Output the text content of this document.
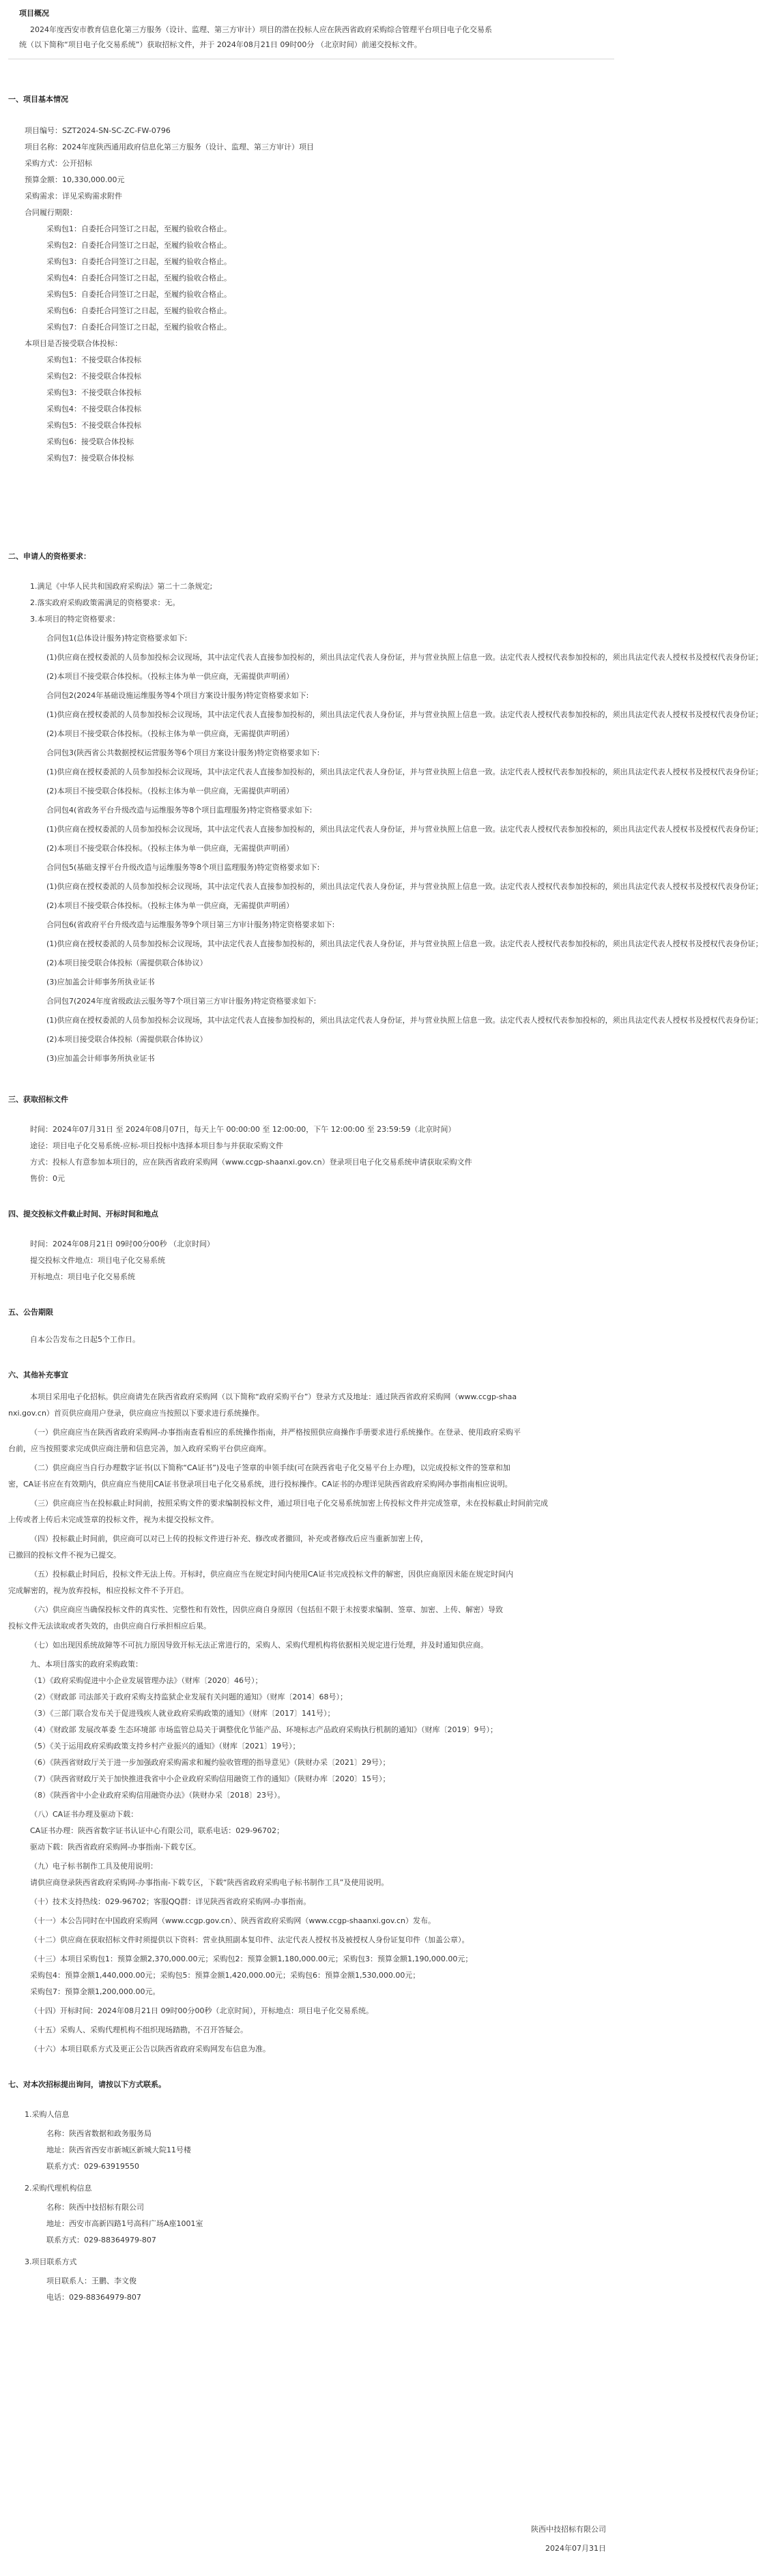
项目概况
2024年度西安市教育信息化第三方服务（设计、监理、第三方审计）项目的潜在投标人应在陕西省政府采购综合管理平台项目电子化交易系
统（以下简称“项目电子化交易系统”）获取招标文件，并于 2024年08月21日 09时00分 （北京时间）前递交投标文件。
一、项目基本情况
项目编号：SZT2024-SN-SC-ZC-FW-0796
项目名称：2024年度陕西通用政府信息化第三方服务（设计、监理、第三方审计）项目
采购方式：公开招标
预算金额：10,330,000.00元
采购需求：详见采购需求附件
合同履行期限：
采购包1：自委托合同签订之日起，至履约验收合格止。
采购包2：自委托合同签订之日起，至履约验收合格止。
采购包3：自委托合同签订之日起，至履约验收合格止。
采购包4：自委托合同签订之日起，至履约验收合格止。
采购包5：自委托合同签订之日起，至履约验收合格止。
采购包6：自委托合同签订之日起，至履约验收合格止。
采购包7：自委托合同签订之日起，至履约验收合格止。
本项目是否接受联合体投标：
采购包1：不接受联合体投标
采购包2：不接受联合体投标
采购包3：不接受联合体投标
采购包4：不接受联合体投标
采购包5：不接受联合体投标
采购包6：接受联合体投标
采购包7：接受联合体投标
二、申请人的资格要求：
1.满足《中华人民共和国政府采购法》第二十二条规定;
2.落实政府采购政策需满足的资格要求：无。
3.本项目的特定资格要求：
合同包1(总体设计服务)特定资格要求如下:
(1)供应商在授权委派的人员参加投标会议现场，其中法定代表人直接参加投标的，须出具法定代表人身份证，并与营业执照上信息一致。法定代表人授权代表参加投标的，须出具法定代表人授权书及授权代表身份证；
(2)本项目不接受联合体投标。（投标主体为单一供应商，无需提供声明函）
合同包2(2024年基础设施运维服务等4个项目方案设计服务)特定资格要求如下:
(1)供应商在授权委派的人员参加投标会议现场，其中法定代表人直接参加投标的，须出具法定代表人身份证，并与营业执照上信息一致。法定代表人授权代表参加投标的，须出具法定代表人授权书及授权代表身份证；
(2)本项目不接受联合体投标。（投标主体为单一供应商，无需提供声明函）
合同包3(陕西省公共数据授权运营服务等6个项目方案设计服务)特定资格要求如下:
(1)供应商在授权委派的人员参加投标会议现场，其中法定代表人直接参加投标的，须出具法定代表人身份证，并与营业执照上信息一致。法定代表人授权代表参加投标的，须出具法定代表人授权书及授权代表身份证；
(2)本项目不接受联合体投标。（投标主体为单一供应商，无需提供声明函）
合同包4(省政务平台升级改造与运维服务等8个项目监理服务)特定资格要求如下:
(1)供应商在授权委派的人员参加投标会议现场，其中法定代表人直接参加投标的，须出具法定代表人身份证，并与营业执照上信息一致。法定代表人授权代表参加投标的，须出具法定代表人授权书及授权代表身份证；
(2)本项目不接受联合体投标。（投标主体为单一供应商，无需提供声明函）
合同包5(基础支撑平台升级改造与运维服务等8个项目监理服务)特定资格要求如下:
(1)供应商在授权委派的人员参加投标会议现场，其中法定代表人直接参加投标的，须出具法定代表人身份证，并与营业执照上信息一致。法定代表人授权代表参加投标的，须出具法定代表人授权书及授权代表身份证；
(2)本项目不接受联合体投标。（投标主体为单一供应商，无需提供声明函）
合同包6(省政府平台升级改造与运维服务等9个项目第三方审计服务)特定资格要求如下:
(1)供应商在授权委派的人员参加投标会议现场，其中法定代表人直接参加投标的，须出具法定代表人身份证，并与营业执照上信息一致。法定代表人授权代表参加投标的，须出具法定代表人授权书及授权代表身份证；
(2)本项目接受联合体投标（需提供联合体协议）
(3)应加盖会计师事务所执业证书
合同包7(2024年度省级政法云服务等7个项目第三方审计服务)特定资格要求如下:
(1)供应商在授权委派的人员参加投标会议现场，其中法定代表人直接参加投标的，须出具法定代表人身份证，并与营业执照上信息一致。法定代表人授权代表参加投标的，须出具法定代表人授权书及授权代表身份证；
(2)本项目接受联合体投标（需提供联合体协议）
(3)应加盖会计师事务所执业证书
三、获取招标文件
时间：2024年07月31日 至 2024年08月07日，每天上午 00:00:00 至 12:00:00，下午 12:00:00 至 23:59:59（北京时间）
途径：项目电子化交易系统-应标-项目投标中选择本项目参与并获取采购文件
方式：投标人有意参加本项目的，应在陕西省政府采购网（www.ccgp-shaanxi.gov.cn）登录项目电子化交易系统申请获取采购文件
售价：0元
四、提交投标文件截止时间、开标时间和地点
时间：2024年08月21日 09时00分00秒 （北京时间）
提交投标文件地点：项目电子化交易系统
开标地点：项目电子化交易系统
五、公告期限
自本公告发布之日起5个工作日。
六、其他补充事宜
本项目采用电子化招标。供应商请先在陕西省政府采购网（以下简称“政府采购平台”）登录方式及地址：通过陕西省政府采购网（www.ccgp-shaa
nxi.gov.cn）首页供应商用户登录，供应商应当按照以下要求进行系统操作。
（一）供应商应当在陕西省政府采购网-办事指南查看相应的系统操作指南，并严格按照供应商操作手册要求进行系统操作。在登录、使用政府采购平
台前，应当按照要求完成供应商注册和信息完善，加入政府采购平台供应商库。
（二）供应商应当自行办理数字证书(以下简称“CA证书”)及电子签章的申领手续(可在陕西省电子化交易平台上办理)，以完成投标文件的签章和加
密，CA证书应在有效期内，供应商应当使用CA证书登录项目电子化交易系统，进行投标操作。CA证书的办理详见陕西省政府采购网办事指南相应说明。
（三）供应商应当在投标截止时间前，按照采购文件的要求编制投标文件，通过项目电子化交易系统加密上传投标文件并完成签章，未在投标截止时间前完成
上传或者上传后未完成签章的投标文件，视为未提交投标文件。
（四）投标截止时间前，供应商可以对已上传的投标文件进行补充、修改或者撤回，补充或者修改后应当重新加密上传，
已撤回的投标文件不视为已提交。
（五）投标截止时间后，投标文件无法上传。开标时，供应商应当在规定时间内使用CA证书完成投标文件的解密，因供应商原因未能在规定时间内
完成解密的，视为放弃投标，相应投标文件不予开启。
（六）供应商应当确保投标文件的真实性、完整性和有效性，因供应商自身原因（包括但不限于未按要求编制、签章、加密、上传、解密）导致
投标文件无法读取或者失效的，由供应商自行承担相应后果。
（七）如出现因系统故障等不可抗力原因导致开标无法正常进行的，采购人、采购代理机构将依据相关规定进行处理，并及时通知供应商。
九、本项目落实的政府采购政策：
（1）《政府采购促进中小企业发展管理办法》（财库〔2020〕46号）；
（2）《财政部 司法部关于政府采购支持监狱企业发展有关问题的通知》（财库〔2014〕68号）；
（3）《三部门联合发布关于促进残疾人就业政府采购政策的通知》（财库〔2017〕141号）；
（4）《财政部 发展改革委 生态环境部 市场监管总局关于调整优化节能产品、环境标志产品政府采购执行机制的通知》（财库〔2019〕9号）；
（5）《关于运用政府采购政策支持乡村产业振兴的通知》（财库〔2021〕19号）；
（6）《陕西省财政厅关于进一步加强政府采购需求和履约验收管理的指导意见》（陕财办采〔2021〕29号）；
（7）《陕西省财政厅关于加快推进我省中小企业政府采购信用融资工作的通知》（陕财办库〔2020〕15号）；
（8）《陕西省中小企业政府采购信用融资办法》（陕财办采〔2018〕23号）。
（八）CA证书办理及驱动下载：
CA证书办理：陕西省数字证书认证中心有限公司，联系电话：029-96702；
驱动下载：陕西省政府采购网-办事指南-下载专区。
（九）电子标书制作工具及使用说明：
请供应商登录陕西省政府采购网-办事指南-下载专区，下载“陕西省政府采购电子标书制作工具”及使用说明。
（十）技术支持热线：029-96702；客服QQ群：详见陕西省政府采购网-办事指南。
（十一）本公告同时在中国政府采购网（www.ccgp.gov.cn）、陕西省政府采购网（www.ccgp-shaanxi.gov.cn）发布。
（十二）供应商在获取招标文件时须提供以下资料：营业执照副本复印件、法定代表人授权书及被授权人身份证复印件（加盖公章）。
（十三）本项目采购包1：预算金额2,370,000.00元；采购包2：预算金额1,180,000.00元；采购包3：预算金额1,190,000.00元；
采购包4：预算金额1,440,000.00元；采购包5：预算金额1,420,000.00元；采购包6：预算金额1,530,000.00元；
采购包7：预算金额1,200,000.00元。
（十四）开标时间：2024年08月21日 09时00分00秒（北京时间），开标地点：项目电子化交易系统。
（十五）采购人、采购代理机构不组织现场踏勘，不召开答疑会。
（十六）本项目联系方式及更正公告以陕西省政府采购网发布信息为准。
七、对本次招标提出询问，请按以下方式联系。
1.采购人信息
名称：陕西省数据和政务服务局
地址：陕西省西安市新城区新城大院11号楼
联系方式：029-63919550
2.采购代理机构信息
名称：陕西中技招标有限公司
地址：西安市高新四路1号高科广场A座1001室
联系方式：029-88364979-807
3.项目联系方式
项目联系人：王鹏、李文俊
电话：029-88364979-807
陕西中技招标有限公司
2024年07月31日
